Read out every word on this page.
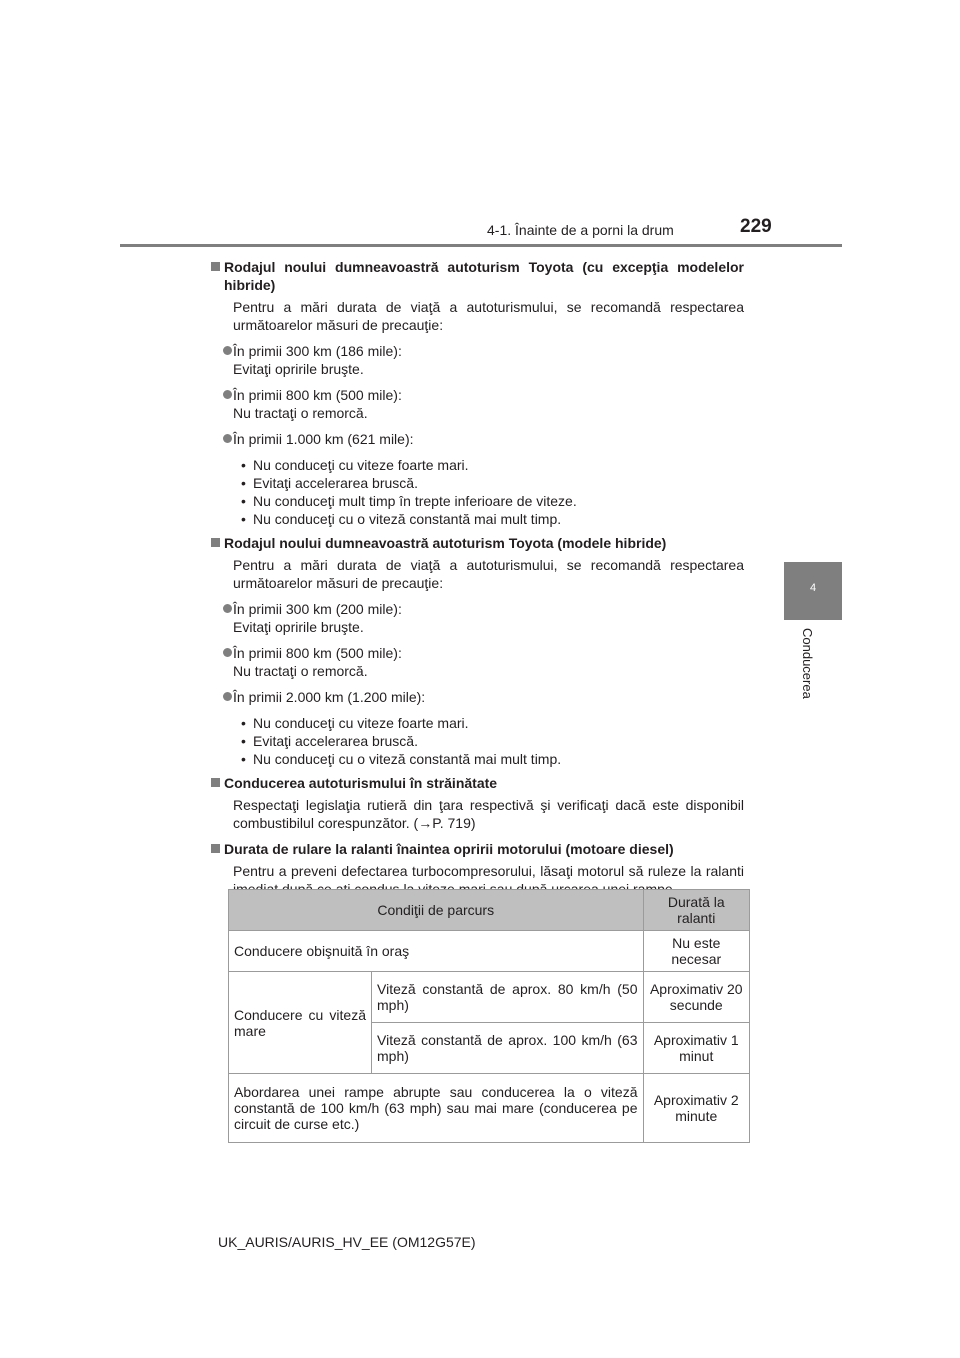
4-1. Înainte de a porni la drum	229
4
Conducerea
Rodajul noului dumneavoastră autoturism Toyota (cu excepţia modelelor hibride)
Pentru a mări durata de viaţă a autoturismului, se recomandă respectarea următoarelor măsuri de precauţie:
În primii 300 km (186 mile):
Evitaţi opririle bruşte.
În primii 800 km (500 mile):
Nu tractaţi o remorcă.
În primii 1.000 km (621 mile):
• Nu conduceţi cu viteze foarte mari.
• Evitaţi accelerarea bruscă.
• Nu conduceţi mult timp în trepte inferioare de viteze.
• Nu conduceţi cu o viteză constantă mai mult timp.
Rodajul noului dumneavoastră autoturism Toyota (modele hibride)
Pentru a mări durata de viaţă a autoturismului, se recomandă respectarea următoarelor măsuri de precauţie:
În primii 300 km (200 mile):
Evitaţi opririle bruşte.
În primii 800 km (500 mile):
Nu tractaţi o remorcă.
În primii 2.000 km (1.200 mile):
• Nu conduceţi cu viteze foarte mari.
• Evitaţi accelerarea bruscă.
• Nu conduceţi cu o viteză constantă mai mult timp.
Conducerea autoturismului în străinătate
Respectaţi legislaţia rutieră din ţara respectivă şi verificaţi dacă este disponibil combustibilul corespunzător. (→P. 719)
Durata de rulare la ralanti înaintea opririi motorului (motoare diesel)
Pentru a preveni defectarea turbocompresorului, lăsaţi motorul să ruleze la ralanti
Condiţii de parcurs		Durată la ralanti
Conducere obişnuită în oraş		Nu este necesar
Conducere cu viteză mare	Viteză constantă de aprox. 80 km/h (50 mph)	Aproximativ 20 secunde
	Viteză constantă de aprox. 100 km/h (63 mph)	Aproximativ 1 minut
Abordarea unei rampe abrupte sau conducerea la o viteză constantă de 100 km/h (63 mph) sau mai mare (conducerea pe circuit de curse etc.)		Aproximativ 2 minute
UK_AURIS/AURIS_HV_EE (OM12G57E)
